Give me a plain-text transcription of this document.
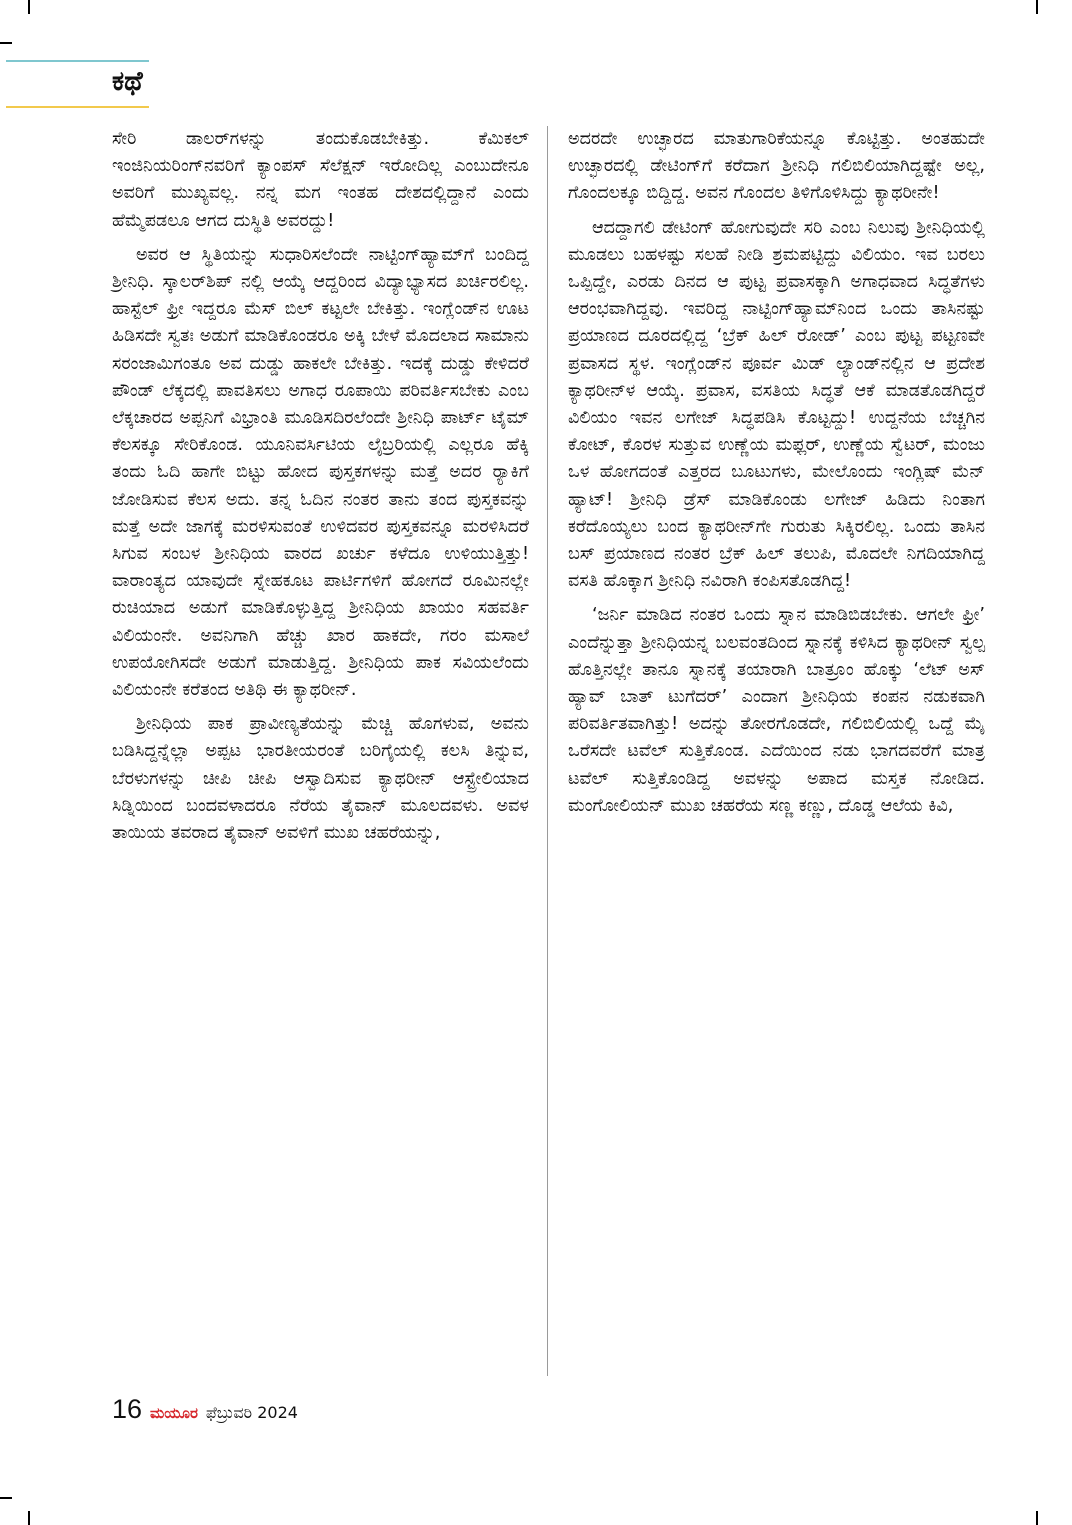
ಕಥೆ

ಸೇರಿ ಡಾಲರ್‌ಗಳನ್ನು ತಂದುಕೊಡಬೇಕಿತ್ತು. ಕೆಮಿಕಲ್ ಇಂಜಿನಿಯರಿಂಗ್‌ನವರಿಗೆ ಕ್ಯಾಂಪಸ್ ಸೆಲೆಕ್ಷನ್ ಇರೋದಿಲ್ಲ ಎಂಬುದೇನೂ ಅವರಿಗೆ ಮುಖ್ಯವಲ್ಲ. ನನ್ನ ಮಗ ಇಂತಹ ದೇಶದಲ್ಲಿದ್ದಾನೆ ಎಂದು ಹೆಮ್ಮೆಪಡಲೂ ಆಗದ ದುಸ್ಥಿತಿ ಅವರದ್ದು!

ಅವರ ಆ ಸ್ಥಿತಿಯನ್ನು ಸುಧಾರಿಸಲೆಂದೇ ನಾಟ್ಟಿಂಗ್‌ಹ್ಯಾಮ್‌ಗೆ ಬಂದಿದ್ದ ಶ್ರೀನಿಧಿ. ಸ್ಕಾಲರ್‌ಶಿಪ್ ನಲ್ಲಿ ಆಯ್ಕೆ ಆದ್ದರಿಂದ ವಿದ್ಯಾಭ್ಯಾಸದ ಖರ್ಚಿರಲಿಲ್ಲ. ಹಾಸ್ಟೆಲ್ ಫ್ರೀ ಇದ್ದರೂ ಮೆಸ್ ಬಿಲ್ ಕಟ್ಟಲೇ ಬೇಕಿತ್ತು. ಇಂಗ್ಲೆಂಡ್‌ನ ಊಟ ಹಿಡಿಸದೇ ಸ್ವತಃ ಅಡುಗೆ ಮಾಡಿಕೊಂಡರೂ ಅಕ್ಕಿ ಬೇಳೆ ಮೊದಲಾದ ಸಾಮಾನು ಸರಂಜಾಮಿಗಂತೂ ಅವ ದುಡ್ಡು ಹಾಕಲೇ ಬೇಕಿತ್ತು. ಇದಕ್ಕೆ ದುಡ್ಡು ಕೇಳಿದರೆ ಪೌಂಡ್ ಲೆಕ್ಕದಲ್ಲಿ ಪಾವತಿಸಲು ಅಗಾಧ ರೂಪಾಯಿ ಪರಿವರ್ತಿಸಬೇಕು ಎಂಬ ಲೆಕ್ಕಚಾರದ ಅಪ್ಪನಿಗೆ ವಿಭ್ರಾಂತಿ ಮೂಡಿಸದಿರಲೆಂದೇ ಶ್ರೀನಿಧಿ ಪಾರ್ಟ್ ಟೈಮ್ ಕೆಲಸಕ್ಕೂ ಸೇರಿಕೊಂಡ. ಯೂನಿವರ್ಸಿಟಿಯ ಲೈಬ್ರರಿಯಲ್ಲಿ ಎಲ್ಲರೂ ಹೆಕ್ಕಿ ತಂದು ಓದಿ ಹಾಗೇ ಬಿಟ್ಟು ಹೋದ ಪುಸ್ತಕಗಳನ್ನು ಮತ್ತೆ ಅದರ ರ್‍ಯಾಕಿಗೆ ಜೋಡಿಸುವ ಕೆಲಸ ಅದು. ತನ್ನ ಓದಿನ ನಂತರ ತಾನು ತಂದ ಪುಸ್ತಕವನ್ನು ಮತ್ತೆ ಅದೇ ಜಾಗಕ್ಕೆ ಮರಳಿಸುವಂತೆ ಉಳಿದವರ ಪುಸ್ತಕವನ್ನೂ ಮರಳಿಸಿದರೆ ಸಿಗುವ ಸಂಬಳ ಶ್ರೀನಿಧಿಯ ವಾರದ ಖರ್ಚು ಕಳೆದೂ ಉಳಿಯುತ್ತಿತ್ತು! ವಾರಾಂತ್ಯದ ಯಾವುದೇ ಸ್ನೇಹಕೂಟ ಪಾರ್ಟಿಗಳಿಗೆ ಹೋಗದೆ ರೂಮಿನಲ್ಲೇ ರುಚಿಯಾದ ಅಡುಗೆ ಮಾಡಿಕೊಳ್ಳುತ್ತಿದ್ದ ಶ್ರೀನಿಧಿಯ ಖಾಯಂ ಸಹವರ್ತಿ ವಿಲಿಯಂನೇ. ಅವನಿಗಾಗಿ ಹೆಚ್ಚು ಖಾರ ಹಾಕದೇ, ಗರಂ ಮಸಾಲೆ ಉಪಯೋಗಿಸದೇ ಅಡುಗೆ ಮಾಡುತ್ತಿದ್ದ. ಶ್ರೀನಿಧಿಯ ಪಾಕ ಸವಿಯಲೆಂದು ವಿಲಿಯಂನೇ ಕರೆತಂದ ಅತಿಥಿ ಈ ಕ್ಯಾಥರೀನ್.

ಶ್ರೀನಿಧಿಯ ಪಾಕ ಪ್ರಾವೀಣ್ಯತೆಯನ್ನು ಮೆಚ್ಚಿ ಹೊಗಳುವ, ಅವನು ಬಡಿಸಿದ್ದನ್ನೆಲ್ಲಾ ಅಪ್ಪಟ ಭಾರತೀಯರಂತೆ ಬರಿಗೈಯಲ್ಲಿ ಕಲಸಿ ತಿನ್ನುವ, ಬೆರಳುಗಳನ್ನು ಚೀಪಿ ಚೀಪಿ ಆಸ್ವಾದಿಸುವ ಕ್ಯಾಥರೀನ್ ಆಸ್ಟ್ರೇಲಿಯಾದ ಸಿಡ್ನಿಯಿಂದ ಬಂದವಳಾದರೂ ನೆರೆಯ ತೈವಾನ್ ಮೂಲದವಳು. ಅವಳ ತಾಯಿಯ ತವರಾದ ತೈವಾನ್ ಅವಳಿಗೆ ಮುಖ ಚಹರೆಯನ್ನು,

ಅದರದೇ ಉಚ್ಛಾರದ ಮಾತುಗಾರಿಕೆಯನ್ನೂ ಕೊಟ್ಟಿತ್ತು. ಅಂತಹುದೇ ಉಚ್ಛಾರದಲ್ಲಿ ಡೇಟಿಂಗ್‌ಗೆ ಕರೆದಾಗ ಶ್ರೀನಿಧಿ ಗಲಿಬಿಲಿಯಾಗಿದ್ದಷ್ಟೇ ಅಲ್ಲ, ಗೊಂದಲಕ್ಕೂ ಬಿದ್ದಿದ್ದ. ಅವನ ಗೊಂದಲ ತಿಳಿಗೊಳಿಸಿದ್ದು ಕ್ಯಾಥರೀನೇ!

ಆದದ್ದಾಗಲಿ ಡೇಟಿಂಗ್ ಹೋಗುವುದೇ ಸರಿ ಎಂಬ ನಿಲುವು ಶ್ರೀನಿಧಿಯಲ್ಲಿ ಮೂಡಲು ಬಹಳಷ್ಟು ಸಲಹೆ ನೀಡಿ ಶ್ರಮಪಟ್ಟಿದ್ದು ವಿಲಿಯಂ. ಇವ ಬರಲು ಒಪ್ಪಿದ್ದೇ, ಎರಡು ದಿನದ ಆ ಪುಟ್ಟ ಪ್ರವಾಸಕ್ಕಾಗಿ ಅಗಾಧವಾದ ಸಿದ್ಧತೆಗಳು ಆರಂಭವಾಗಿದ್ದವು. ಇವರಿದ್ದ ನಾಟ್ಟಿಂಗ್‌ಹ್ಯಾಮ್‌ನಿಂದ ಒಂದು ತಾಸಿನಷ್ಟು ಪ್ರಯಾಣದ ದೂರದಲ್ಲಿದ್ದ ‘ಬ್ರೆಕ್ ಹಿಲ್ ರೋಡ್’ ಎಂಬ ಪುಟ್ಟ ಪಟ್ಟಣವೇ ಪ್ರವಾಸದ ಸ್ಥಳ. ಇಂಗ್ಲೆಂಡ್‌ನ ಪೂರ್ವ ಮಿಡ್ ಲ್ಯಾಂಡ್‌ನಲ್ಲಿನ ಆ ಪ್ರದೇಶ ಕ್ಯಾಥರೀನ್‌ಳ ಆಯ್ಕೆ. ಪ್ರವಾಸ, ವಸತಿಯ ಸಿದ್ಧತೆ ಆಕೆ ಮಾಡತೊಡಗಿದ್ದರೆ ವಿಲಿಯಂ ಇವನ ಲಗೇಜ್ ಸಿದ್ಧಪಡಿಸಿ ಕೊಟ್ಟದ್ದು! ಉದ್ದನೆಯ ಬೆಚ್ಚಗಿನ ಕೋಟ್, ಕೊರಳ ಸುತ್ತುವ ಉಣ್ಣೆಯ ಮಫ್ಲರ್, ಉಣ್ಣೆಯ ಸ್ವೆಟರ್, ಮಂಜು ಒಳ ಹೋಗದಂತೆ ಎತ್ತರದ ಬೂಟುಗಳು, ಮೇಲೊಂದು ಇಂಗ್ಲಿಷ್ ಮೆನ್ ಹ್ಯಾಟ್! ಶ್ರೀನಿಧಿ ಡ್ರೆಸ್ ಮಾಡಿಕೊಂಡು ಲಗೇಜ್ ಹಿಡಿದು ನಿಂತಾಗ ಕರೆದೊಯ್ಯಲು ಬಂದ ಕ್ಯಾಥರೀನ್‌ಗೇ ಗುರುತು ಸಿಕ್ಕಿರಲಿಲ್ಲ. ಒಂದು ತಾಸಿನ ಬಸ್ ಪ್ರಯಾಣದ ನಂತರ ಬ್ರೆಕ್ ಹಿಲ್ ತಲುಪಿ, ಮೊದಲೇ ನಿಗದಿಯಾಗಿದ್ದ ವಸತಿ ಹೊಕ್ಕಾಗ ಶ್ರೀನಿಧಿ ನವಿರಾಗಿ ಕಂಪಿಸತೊಡಗಿದ್ದ!

‘ಜರ್ನಿ ಮಾಡಿದ ನಂತರ ಒಂದು ಸ್ನಾನ ಮಾಡಿಬಿಡಬೇಕು. ಆಗಲೇ ಫ್ರೀ’ ಎಂದೆನ್ನುತ್ತಾ ಶ್ರೀನಿಧಿಯನ್ನ ಬಲವಂತದಿಂದ ಸ್ನಾನಕ್ಕೆ ಕಳಿಸಿದ ಕ್ಯಾಥರೀನ್ ಸ್ವಲ್ಪ ಹೊತ್ತಿನಲ್ಲೇ ತಾನೂ ಸ್ನಾನಕ್ಕೆ ತಯಾರಾಗಿ ಬಾತ್ರೂಂ ಹೊಕ್ಕು ‘ಲೆಟ್ ಅಸ್ ಹ್ಯಾವ್ ಬಾತ್ ಟುಗೆದರ್’ ಎಂದಾಗ ಶ್ರೀನಿಧಿಯ ಕಂಪನ ನಡುಕವಾಗಿ ಪರಿವರ್ತಿತವಾಗಿತ್ತು! ಅದನ್ನು ತೋರಗೊಡದೇ, ಗಲಿಬಿಲಿಯಲ್ಲಿ ಒದ್ದೆ ಮೈ ಒರೆಸದೇ ಟವೆಲ್ ಸುತ್ತಿಕೊಂಡ. ಎದೆಯಿಂದ ನಡು ಭಾಗದವರೆಗೆ ಮಾತ್ರ ಟವೆಲ್ ಸುತ್ತಿಕೊಂಡಿದ್ದ ಅವಳನ್ನು ಅಪಾದ ಮಸ್ತಕ ನೋಡಿದ. ಮಂಗೋಲಿಯನ್ ಮುಖ ಚಹರೆಯ ಸಣ್ಣ ಕಣ್ಣು, ದೊಡ್ಡ ಆಲೆಯ ಕಿವಿ,

16 ಮಯೂರ ಫೆಬ್ರುವರಿ 2024
